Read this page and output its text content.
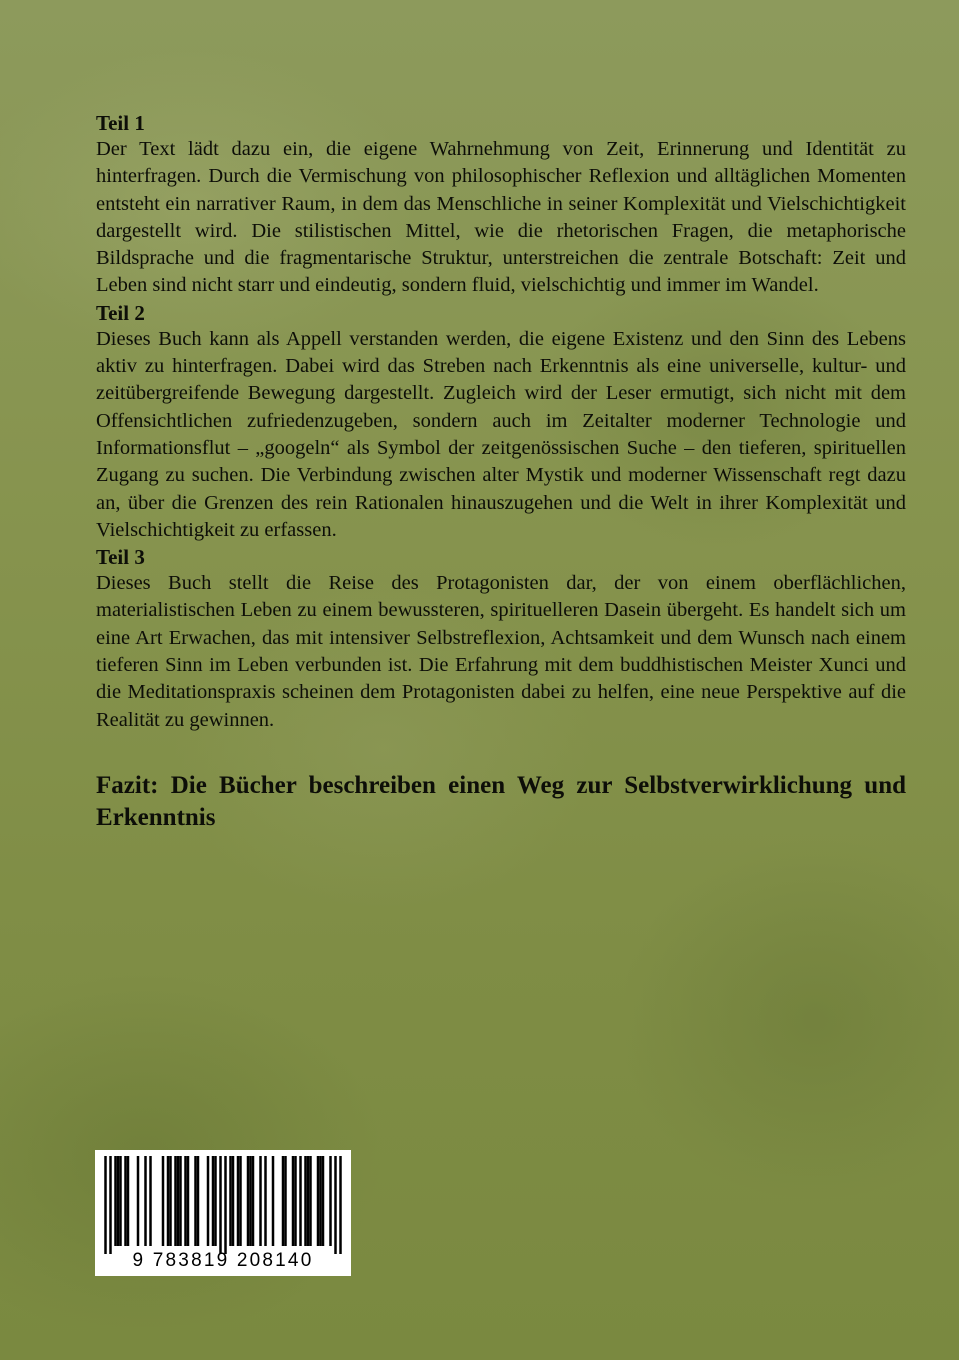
Teil 1

Der Text lädt dazu ein, die eigene Wahrnehmung von Zeit, Erinnerung und Identität zu hinterfragen. Durch die Vermischung von philosophischer Reflexion und alltäglichen Momenten entsteht ein narrativer Raum, in dem das Menschliche in seiner Komplexität und Vielschichtigkeit dargestellt wird. Die stilistischen Mittel, wie die rhetorischen Fragen, die metaphorische Bildsprache und die fragmentarische Struktur, unterstreichen die zentrale Botschaft: Zeit und Leben sind nicht starr und eindeutig, sondern fluid, vielschichtig und immer im Wandel.

Teil 2

Dieses Buch kann als Appell verstanden werden, die eigene Existenz und den Sinn des Lebens aktiv zu hinterfragen. Dabei wird das Streben nach Erkenntnis als eine universelle, kultur- und zeitübergreifende Bewegung dargestellt. Zugleich wird der Leser ermutigt, sich nicht mit dem Offensichtlichen zufriedenzugeben, sondern auch im Zeitalter moderner Technologie und Informationsflut – „googeln“ als Symbol der zeitgenössischen Suche – den tieferen, spirituellen Zugang zu suchen. Die Verbindung zwischen alter Mystik und moderner Wissenschaft regt dazu an, über die Grenzen des rein Rationalen hinauszugehen und die Welt in ihrer Komplexität und Vielschichtigkeit zu erfassen.

Teil 3

Dieses Buch stellt die Reise des Protagonisten dar, der von einem oberflächlichen, materialistischen Leben zu einem bewussteren, spirituelleren Dasein übergeht. Es handelt sich um eine Art Erwachen, das mit intensiver Selbstreflexion, Achtsamkeit und dem Wunsch nach einem tieferen Sinn im Leben verbunden ist. Die Erfahrung mit dem buddhistischen Meister Xunci und die Meditationspraxis scheinen dem Protagonisten dabei zu helfen, eine neue Perspektive auf die Realität zu gewinnen.

Fazit: Die Bücher beschreiben einen Weg zur Selbstverwirklichung und Erkenntnis

9 783819 208140
